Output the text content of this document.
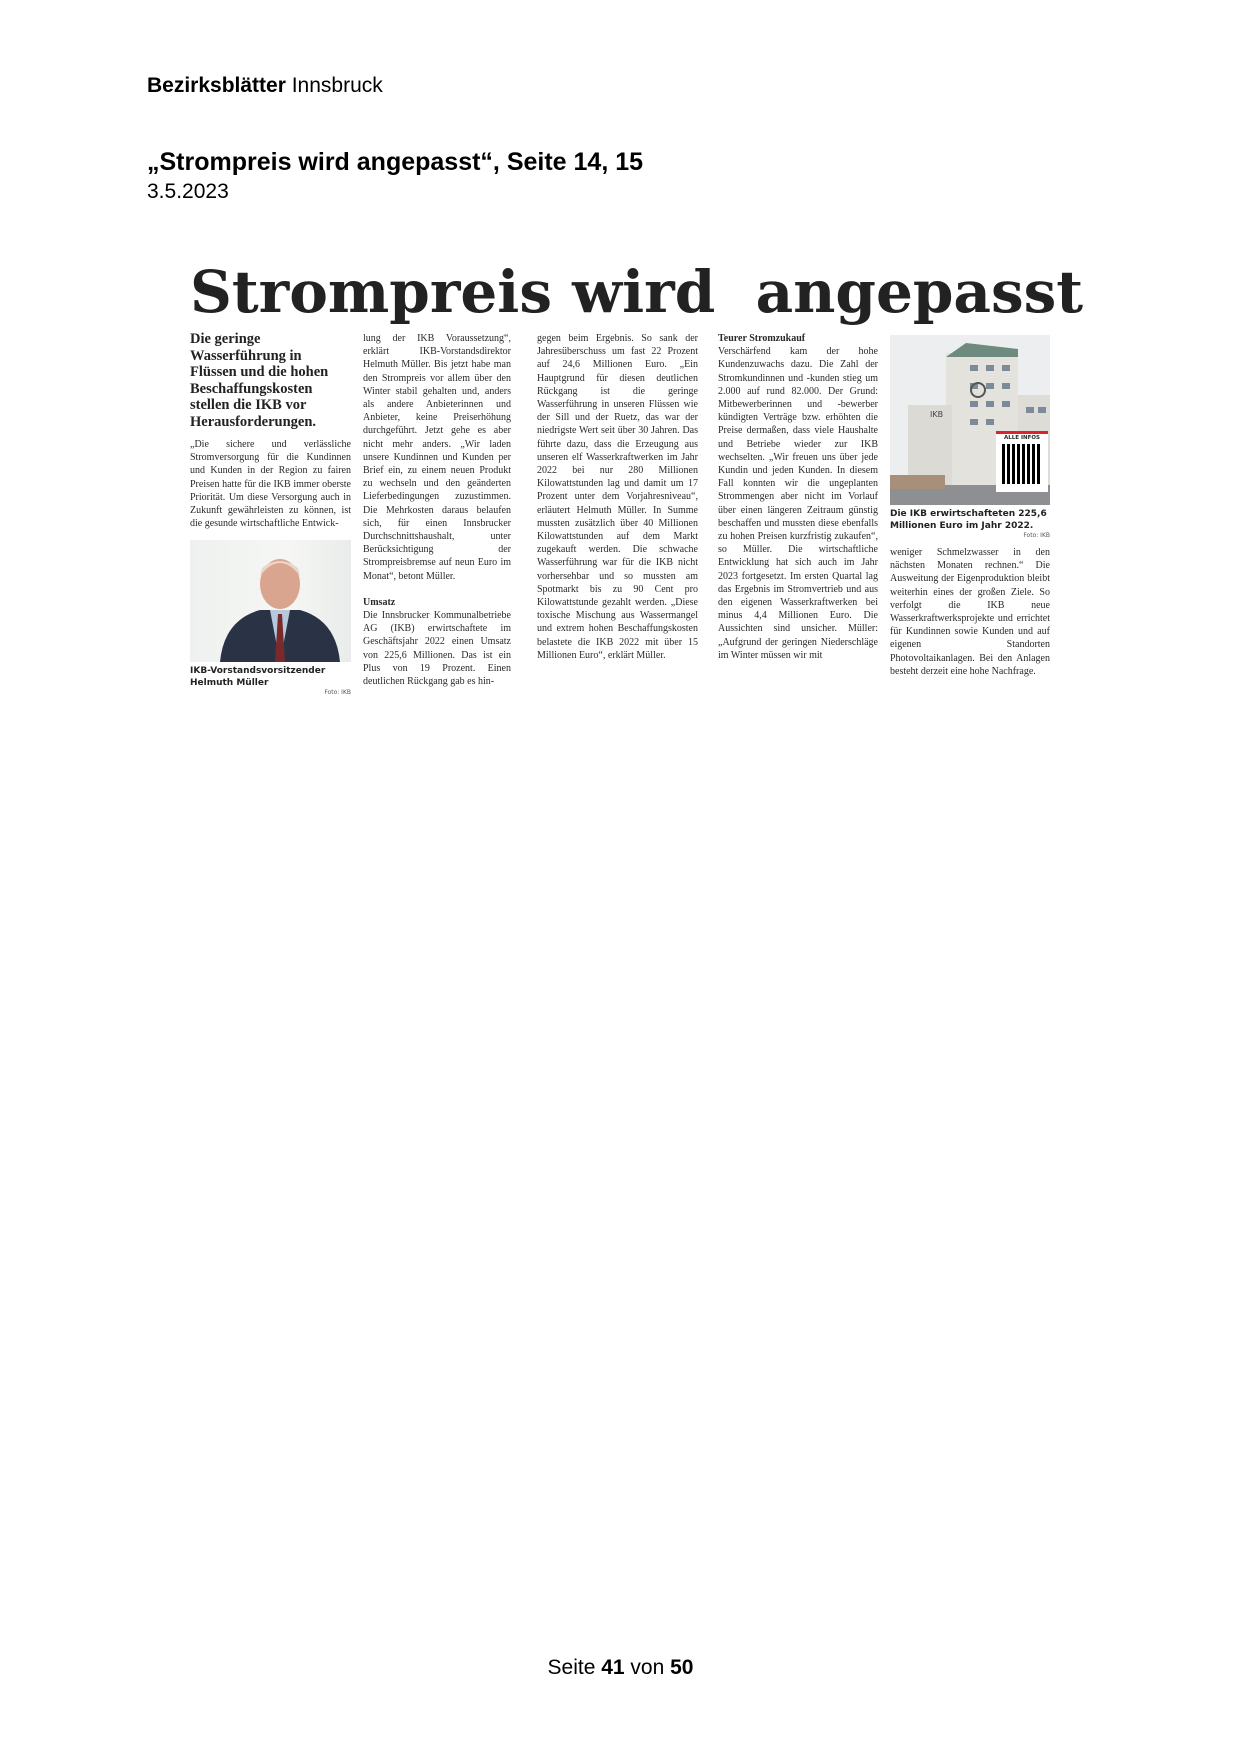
Bezirksblätter Innsbruck
„Strompreis wird angepasst“, Seite 14, 15
3.5.2023
Strompreis wird  angepasst
Die geringe Wasserführung in Flüssen und die hohen Beschaffungskosten stellen die IKB vor Herausforderungen.

„Die sichere und verlässliche Stromversorgung für die Kundinnen und Kunden in der Region zu fairen Preisen hatte für die IKB immer oberste Priorität. Um diese Versorgung auch in Zukunft gewährleisten zu können, ist die gesunde wirtschaftliche Entwick-

IKB-Vorstandsvorsitzender Helmuth Müller
Foto: IKB

lung der IKB Voraussetzung“, erklärt IKB-Vorstandsdirektor Helmuth Müller. Bis jetzt habe man den Strompreis vor allem über den Winter stabil gehalten und, anders als andere Anbieterinnen und Anbieter, keine Preiserhöhung durchgeführt. Jetzt gehe es aber nicht mehr anders. „Wir laden unsere Kundinnen und Kunden per Brief ein, zu einem neuen Produkt zu wechseln und den geänderten Lieferbedingungen zuzustimmen. Die Mehrkosten daraus belaufen sich, für einen Innsbrucker Durchschnittshaushalt, unter Berücksichtigung der Strompreisbremse auf neun Euro im Monat“, betont Müller.

Umsatz

Die Innsbrucker Kommunalbetriebe AG (IKB) erwirtschaftete im Geschäftsjahr 2022 einen Umsatz von 225,6 Millionen. Das ist ein Plus von 19 Prozent. Einen deutlichen Rückgang gab es hin-

gegen beim Ergebnis. So sank der Jahresüberschuss um fast 22 Prozent auf 24,6 Millionen Euro. „Ein Hauptgrund für diesen deutlichen Rückgang ist die geringe Wasserführung in unseren Flüssen wie der Sill und der Ruetz, das war der niedrigste Wert seit über 30 Jahren. Das führte dazu, dass die Erzeugung aus unseren elf Wasserkraftwerken im Jahr 2022 bei nur 280 Millionen Kilowattstunden lag und damit um 17 Prozent unter dem Vorjahresniveau“, erläutert Helmuth Müller. In Summe mussten zusätzlich über 40 Millionen Kilowattstunden auf dem Markt zugekauft werden. Die schwache Wasserführung war für die IKB nicht vorhersehbar und so mussten am Spotmarkt bis zu 90 Cent pro Kilowattstunde gezahlt werden. „Diese toxische Mischung aus Wassermangel und extrem hohen Beschaffungskosten belastete die IKB 2022 mit über 15 Millionen Euro“, erklärt Müller.

Teurer Stromzukauf

Verschärfend kam der hohe Kundenzuwachs dazu. Die Zahl der Stromkundinnen und -kunden stieg um 2.000 auf rund 82.000. Der Grund: Mitbewerberinnen und -bewerber kündigten Verträge bzw. erhöhten die Preise dermaßen, dass viele Haushalte und Betriebe wieder zur IKB wechselten. „Wir freuen uns über jede Kundin und jeden Kunden. In diesem Fall konnten wir die ungeplanten Strommengen aber nicht im Vorlauf über einen längeren Zeitraum günstig beschaffen und mussten diese ebenfalls zu hohen Preisen kurzfristig zukaufen“, so Müller. Die wirtschaftliche Entwicklung hat sich auch im Jahr 2023 fortgesetzt. Im ersten Quartal lag das Ergebnis im Stromvertrieb und aus den eigenen Wasserkraftwerken bei minus 4,4 Millionen Euro. Die Aussichten sind unsicher. Müller: „Aufgrund der geringen Niederschläge im Winter müssen wir mit

IKB
ALLE INFOS
Die IKB erwirtschafteten 225,6 Millionen Euro im Jahr 2022.
Foto: IKB

weniger Schmelzwasser in den nächsten Monaten rechnen.“ Die Ausweitung der Eigenproduktion bleibt weiterhin eines der großen Ziele. So verfolgt die IKB neue Wasserkraftwerksprojekte und errichtet für Kundinnen sowie Kunden und auf eigenen Standorten Photovoltaikanlagen. Bei den Anlagen besteht derzeit eine hohe Nachfrage.

Seite 41 von 50
